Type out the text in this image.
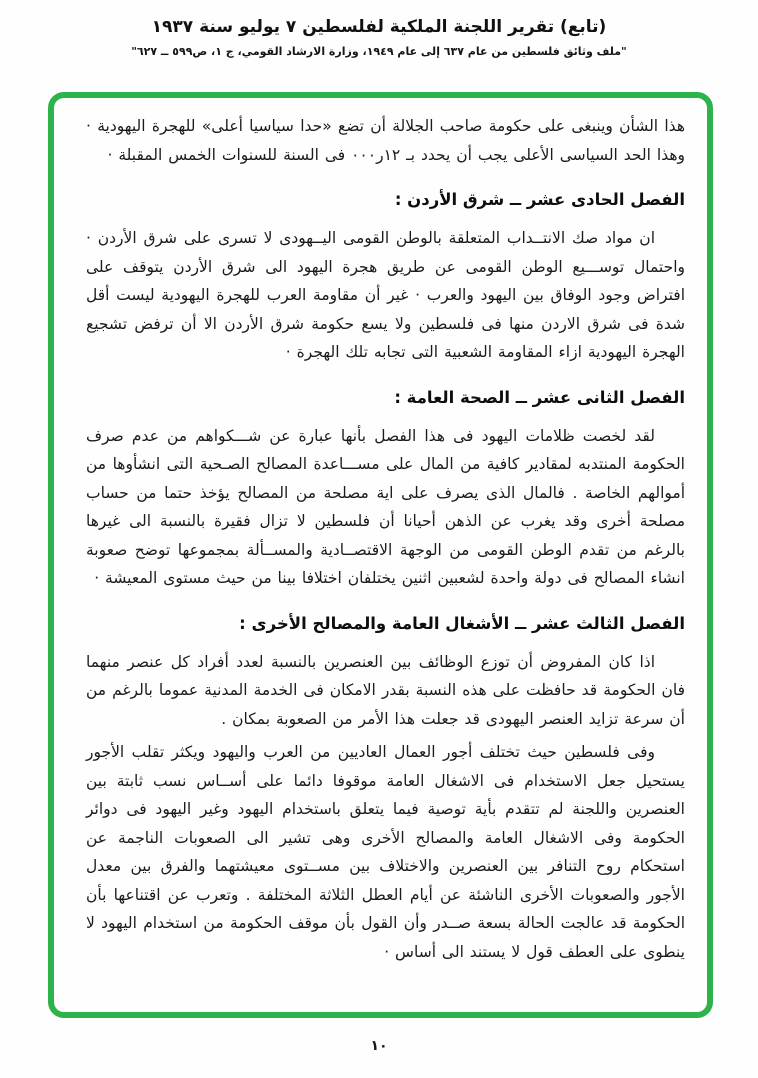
(تابع) تقرير اللجنة الملكية لفلسطين ٧ يوليو سنة ١٩٣٧
"ملف وثائق فلسطين من عام ٦٣٧ إلى عام ١٩٤٩، وزارة الارشاد القومي، ج ١، ص٥٩٩ ــ ٦٢٧"

هذا الشأن وينبغى على حكومة صاحب الجلالة أن تضع «حدا سياسيا أعلى» للهجرة اليهودية · وهذا الحد السياسى الأعلى يجب أن يحدد بـ ١٢ر٠٠٠ فى السنة للسنوات الخمس المقبلة ·

الفصل الحادى عشر ــ شرق الأردن :

ان مواد صك الانتــداب المتعلقة بالوطن القومى اليــهودى لا تسرى على شرق الأردن · واحتمال توســـيع الوطن القومى عن طريق هجرة اليهود الى شرق الأردن يتوقف على افتراض وجود الوفاق بين اليهود والعرب · غير أن مقاومة العرب للهجرة اليهودية ليست أقل شدة فى شرق الاردن منها فى فلسطين ولا يسع حكومة شرق الأردن الا أن ترفض تشجيع الهجرة اليهودية ازاء المقاومة الشعبية التى تجابه تلك الهجرة ·

الفصل الثانى عشر ــ الصحة العامة :

لقد لخصت ظلامات اليهود فى هذا الفصل بأنها عبارة عن شـــكواهم من عدم صرف الحكومة المنتدبه لمقادير كافية من المال على مســـاعدة المصالح الصـحية التى انشأوها من أموالهم الخاصة . فالمال الذى يصرف على اية مصلحة من المصالح يؤخذ حتما من حساب مصلحة أخرى وقد يغرب عن الذهن أحيانا أن فلسطين لا تزال فقيرة بالنسبة الى غيرها بالرغم من تقدم الوطن القومى من الوجهة الاقتصــادية والمســألة بمجموعها توضح صعوبة انشاء المصالح فى دولة واحدة لشعبين اثنين يختلفان اختلافا بينا من حيث مستوى المعيشة ·

الفصل الثالث عشر ــ الأشغال العامة والمصالح الأخرى :

اذا كان المفروض أن توزع الوظائف بين العنصرين بالنسبة لعدد أفراد كل عنصر منهما فان الحكومة قد حافظت على هذه النسبة بقدر الامكان فى الخدمة المدنية عموما بالرغم من أن سرعة تزايد العنصر اليهودى قد جعلت هذا الأمر من الصعوبة بمكان .

وفى فلسطين حيث تختلف أجور العمال العاديين من العرب واليهود ويكثر تقلب الأجور يستحيل جعل الاستخدام فى الاشغال العامة موقوفا دائما على أســاس نسب ثابتة بين العنصرين واللجنة لم تتقدم بأية توصية فيما يتعلق باستخدام اليهود وغير اليهود فى دوائر الحكومة وفى الاشغال العامة والمصالح الأخرى وهى تشير الى الصعوبات الناجمة عن استحكام روح التنافر بين العنصرين والاختلاف بين مســتوى معيشتهما والفرق بين معدل الأجور والصعوبات الأخرى الناشئة عن أيام العطل الثلاثة المختلفة . وتعرب عن اقتناعها بأن الحكومة قد عالجت الحالة بسعة صــدر وأن القول بأن موقف الحكومة من استخدام اليهود لا ينطوى على العطف قول لا يستند الى أساس ·

١٠
